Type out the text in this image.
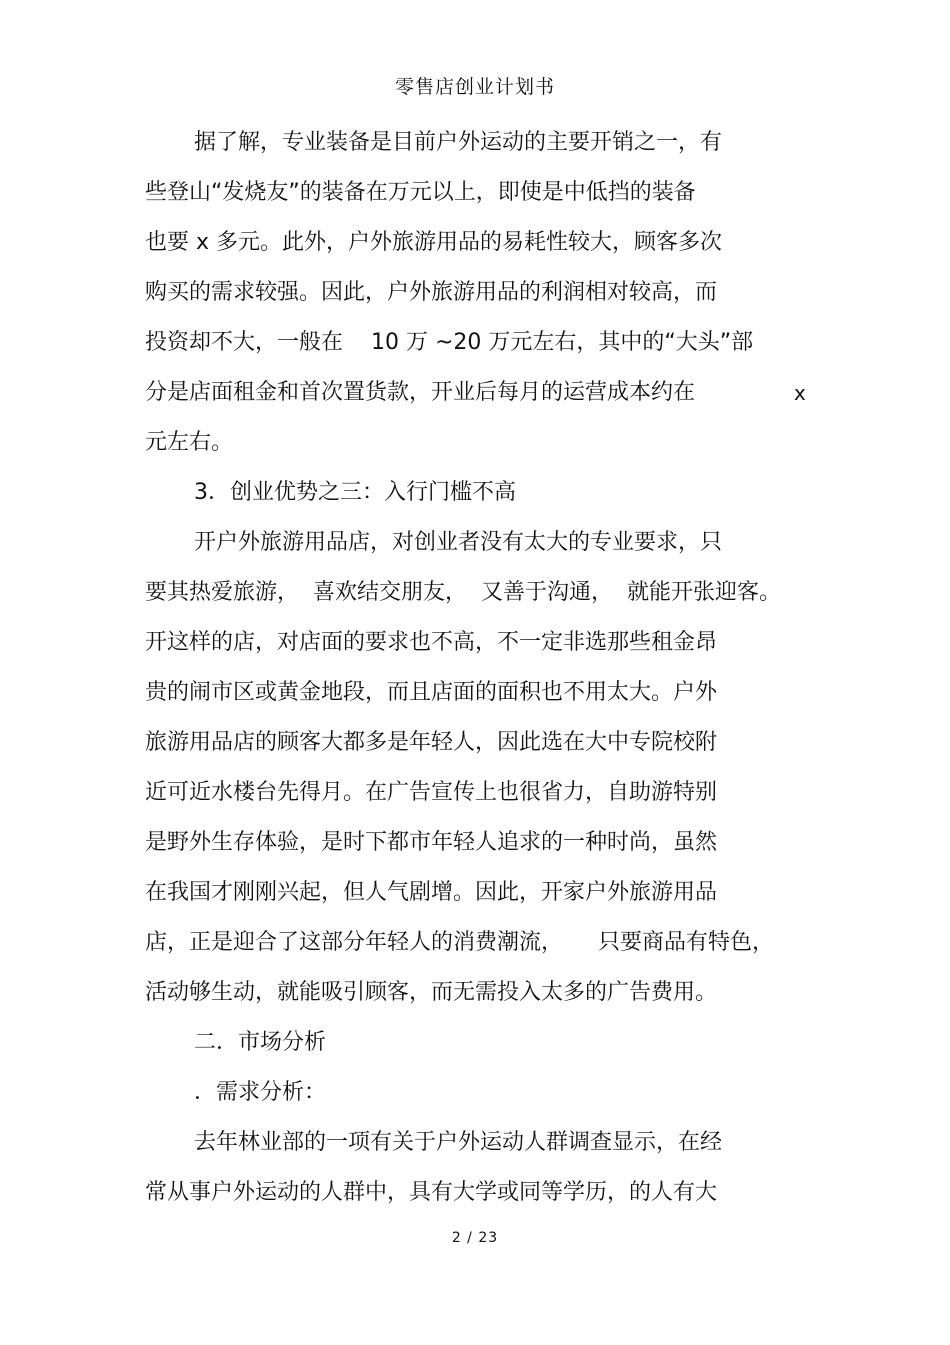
零售店创业计划书
据了解，专业装备是目前户外运动的主要开销之一，有
些登山“发烧友”的装备在万元以上，即使是中低挡的装备
也要 x 多元。此外，户外旅游用品的易耗性较大，顾客多次
购买的需求较强。因此，户外旅游用品的利润相对较高，而
投资却不大，一般在    10 万 ~20 万元左右，其中的“大头”部
分是店面租金和首次置货款，开业后每月的运营成本约在	x
元左右。
3．创业优势之三：入行门槛不高
开户外旅游用品店，对创业者没有太大的专业要求，只
要其热爱旅游，  喜欢结交朋友，  又善于沟通，  就能开张迎客。
开这样的店，对店面的要求也不高，不一定非选那些租金昂
贵的闹市区或黄金地段，而且店面的面积也不用太大。户外
旅游用品店的顾客大都多是年轻人，因此选在大中专院校附
近可近水楼台先得月。在广告宣传上也很省力，自助游特别
是野外生存体验，是时下都市年轻人追求的一种时尚，虽然
在我国才刚刚兴起，但人气剧增。因此，开家户外旅游用品
店，正是迎合了这部分年轻人的消费潮流，     只要商品有特色，
活动够生动，就能吸引顾客，而无需投入太多的广告费用。
二．市场分析
．需求分析：
去年林业部的一项有关于户外运动人群调查显示，在经
常从事户外运动的人群中，具有大学或同等学历，的人有大
2 / 23
